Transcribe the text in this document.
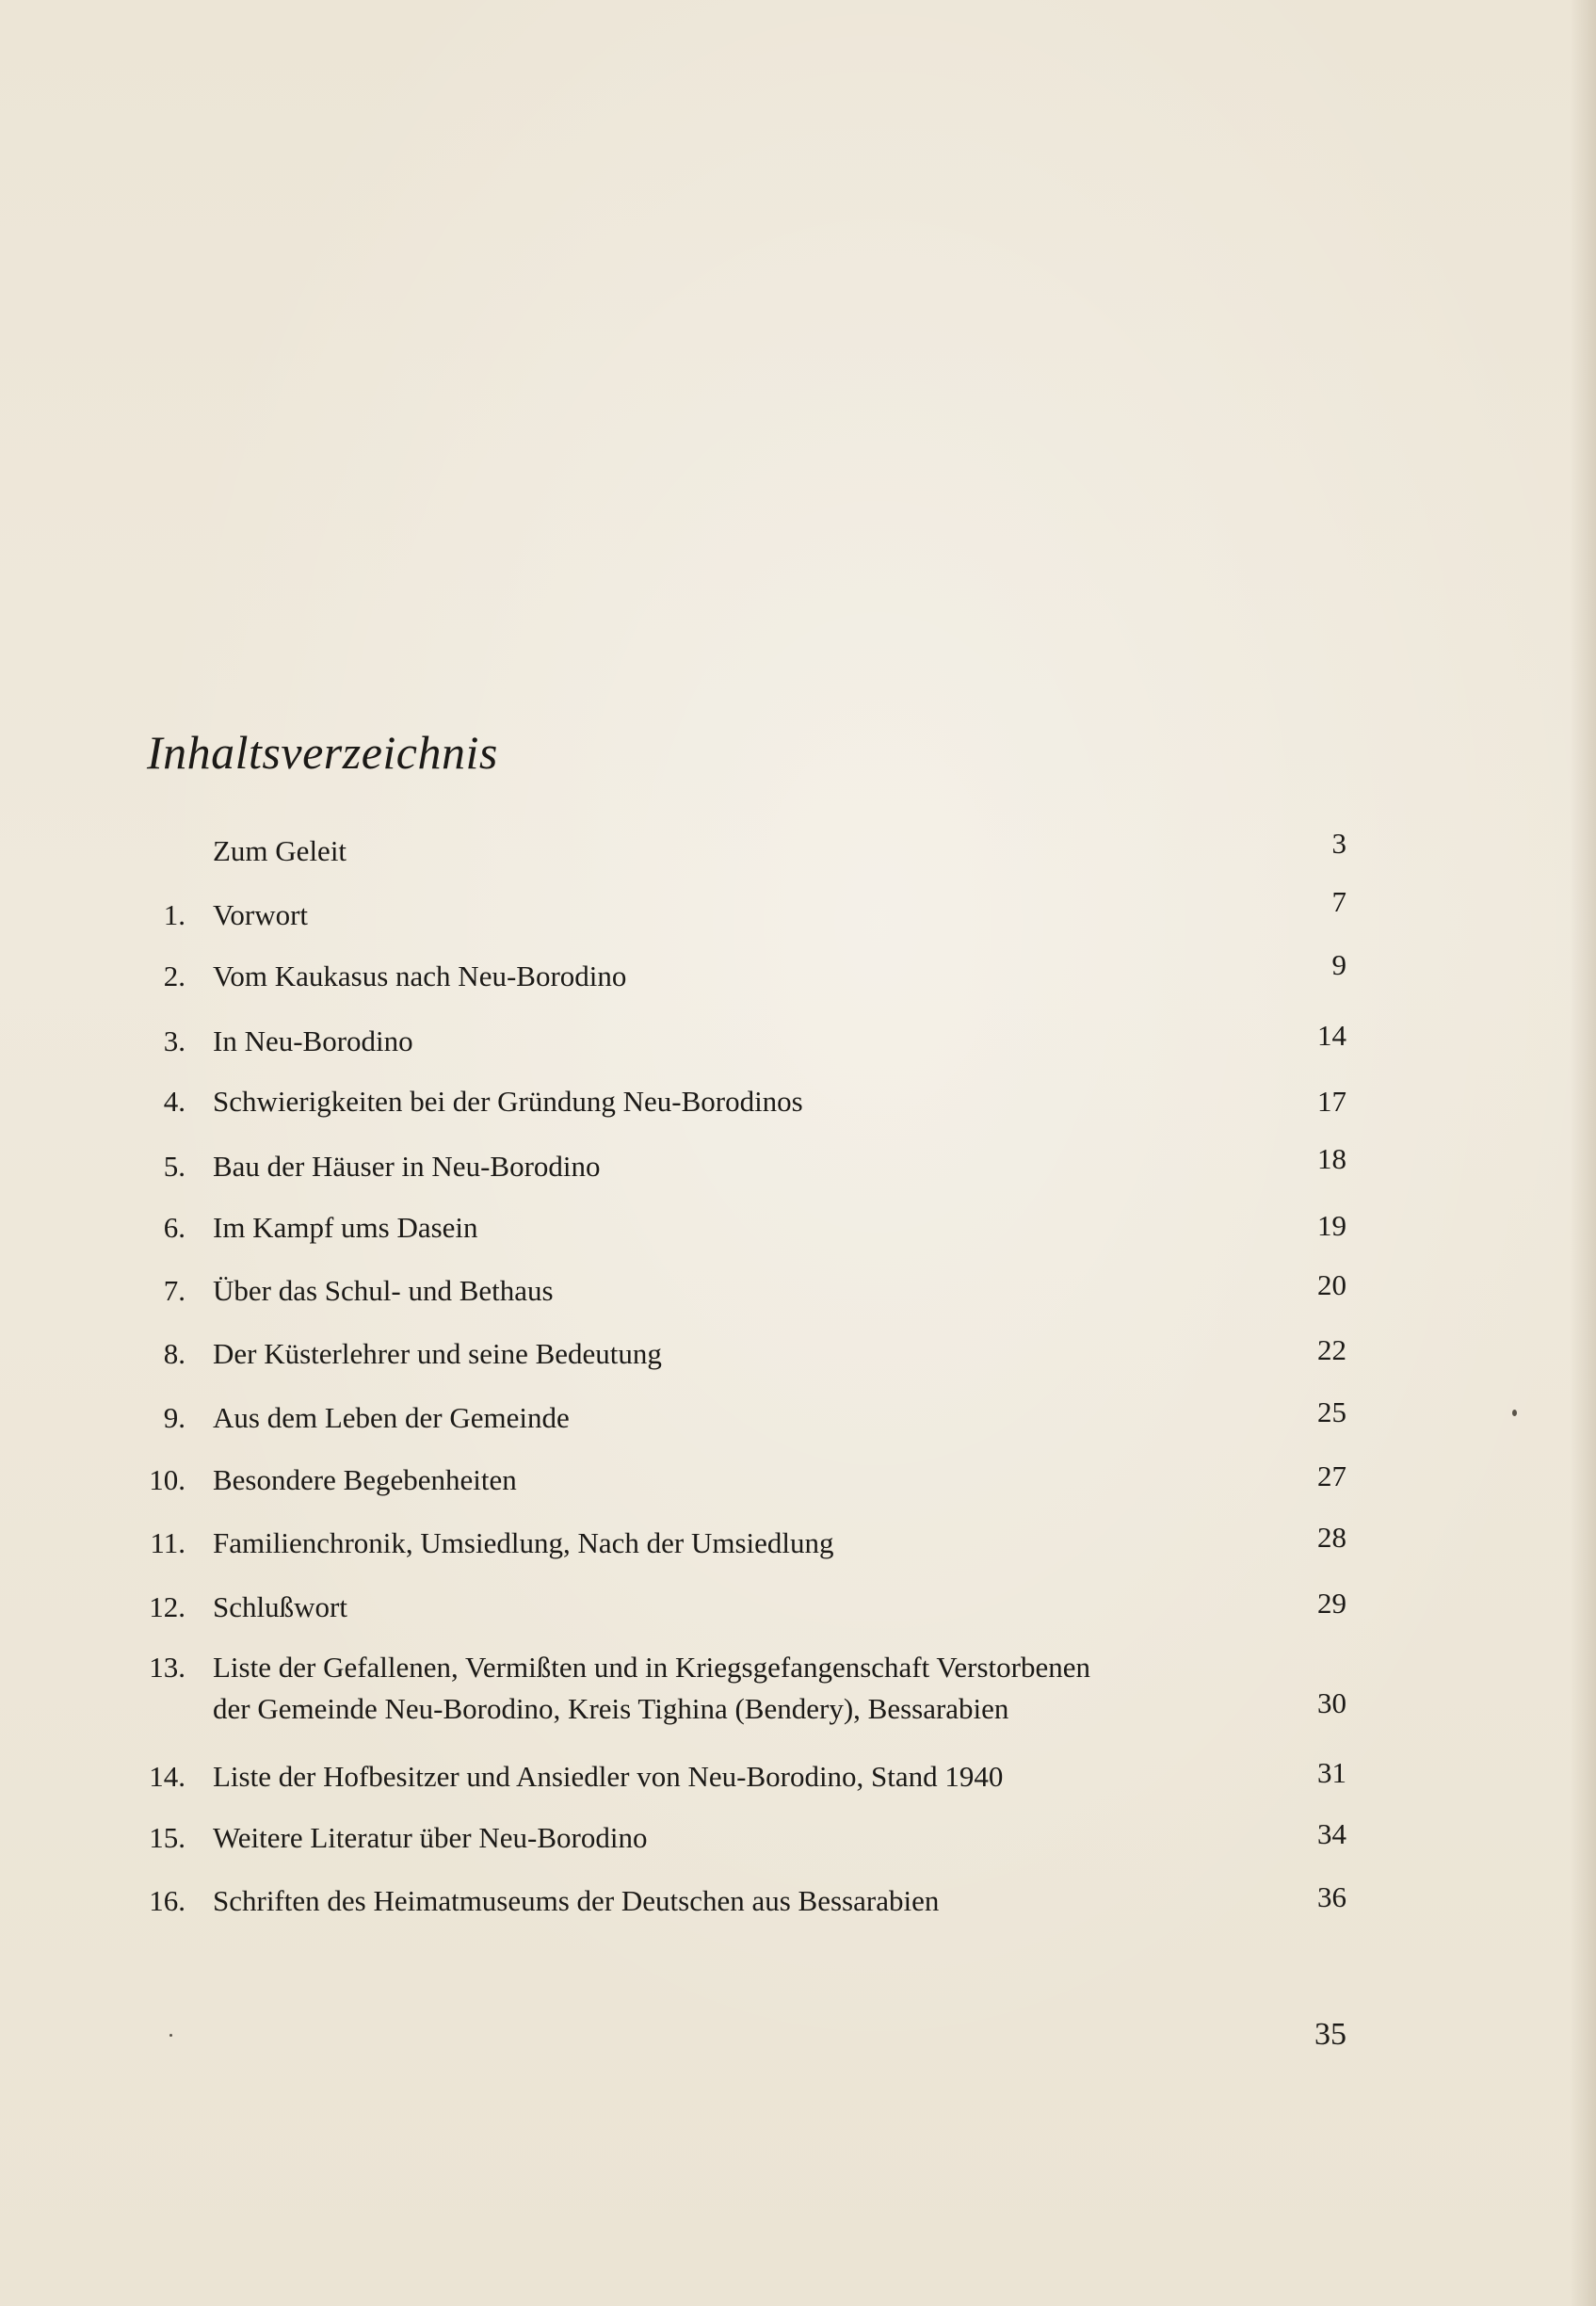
Inhaltsverzeichnis
Zum Geleit	3
1. Vorwort	7
2. Vom Kaukasus nach Neu-Borodino	9
3. In Neu-Borodino	14
4. Schwierigkeiten bei der Gründung Neu-Borodinos	17
5. Bau der Häuser in Neu-Borodino	18
6. Im Kampf ums Dasein	19
7. Über das Schul- und Bethaus	20
8. Der Küsterlehrer und seine Bedeutung	22
9. Aus dem Leben der Gemeinde	25
10. Besondere Begebenheiten	27
11. Familienchronik, Umsiedlung, Nach der Umsiedlung	28
12. Schlußwort	29
13. Liste der Gefallenen, Vermißten und in Kriegsgefangenschaft Verstorbenen
der Gemeinde Neu-Borodino, Kreis Tighina (Bendery), Bessarabien	30
14. Liste der Hofbesitzer und Ansiedler von Neu-Borodino, Stand 1940	31
15. Weitere Literatur über Neu-Borodino	34
16. Schriften des Heimatmuseums der Deutschen aus Bessarabien	36
35
